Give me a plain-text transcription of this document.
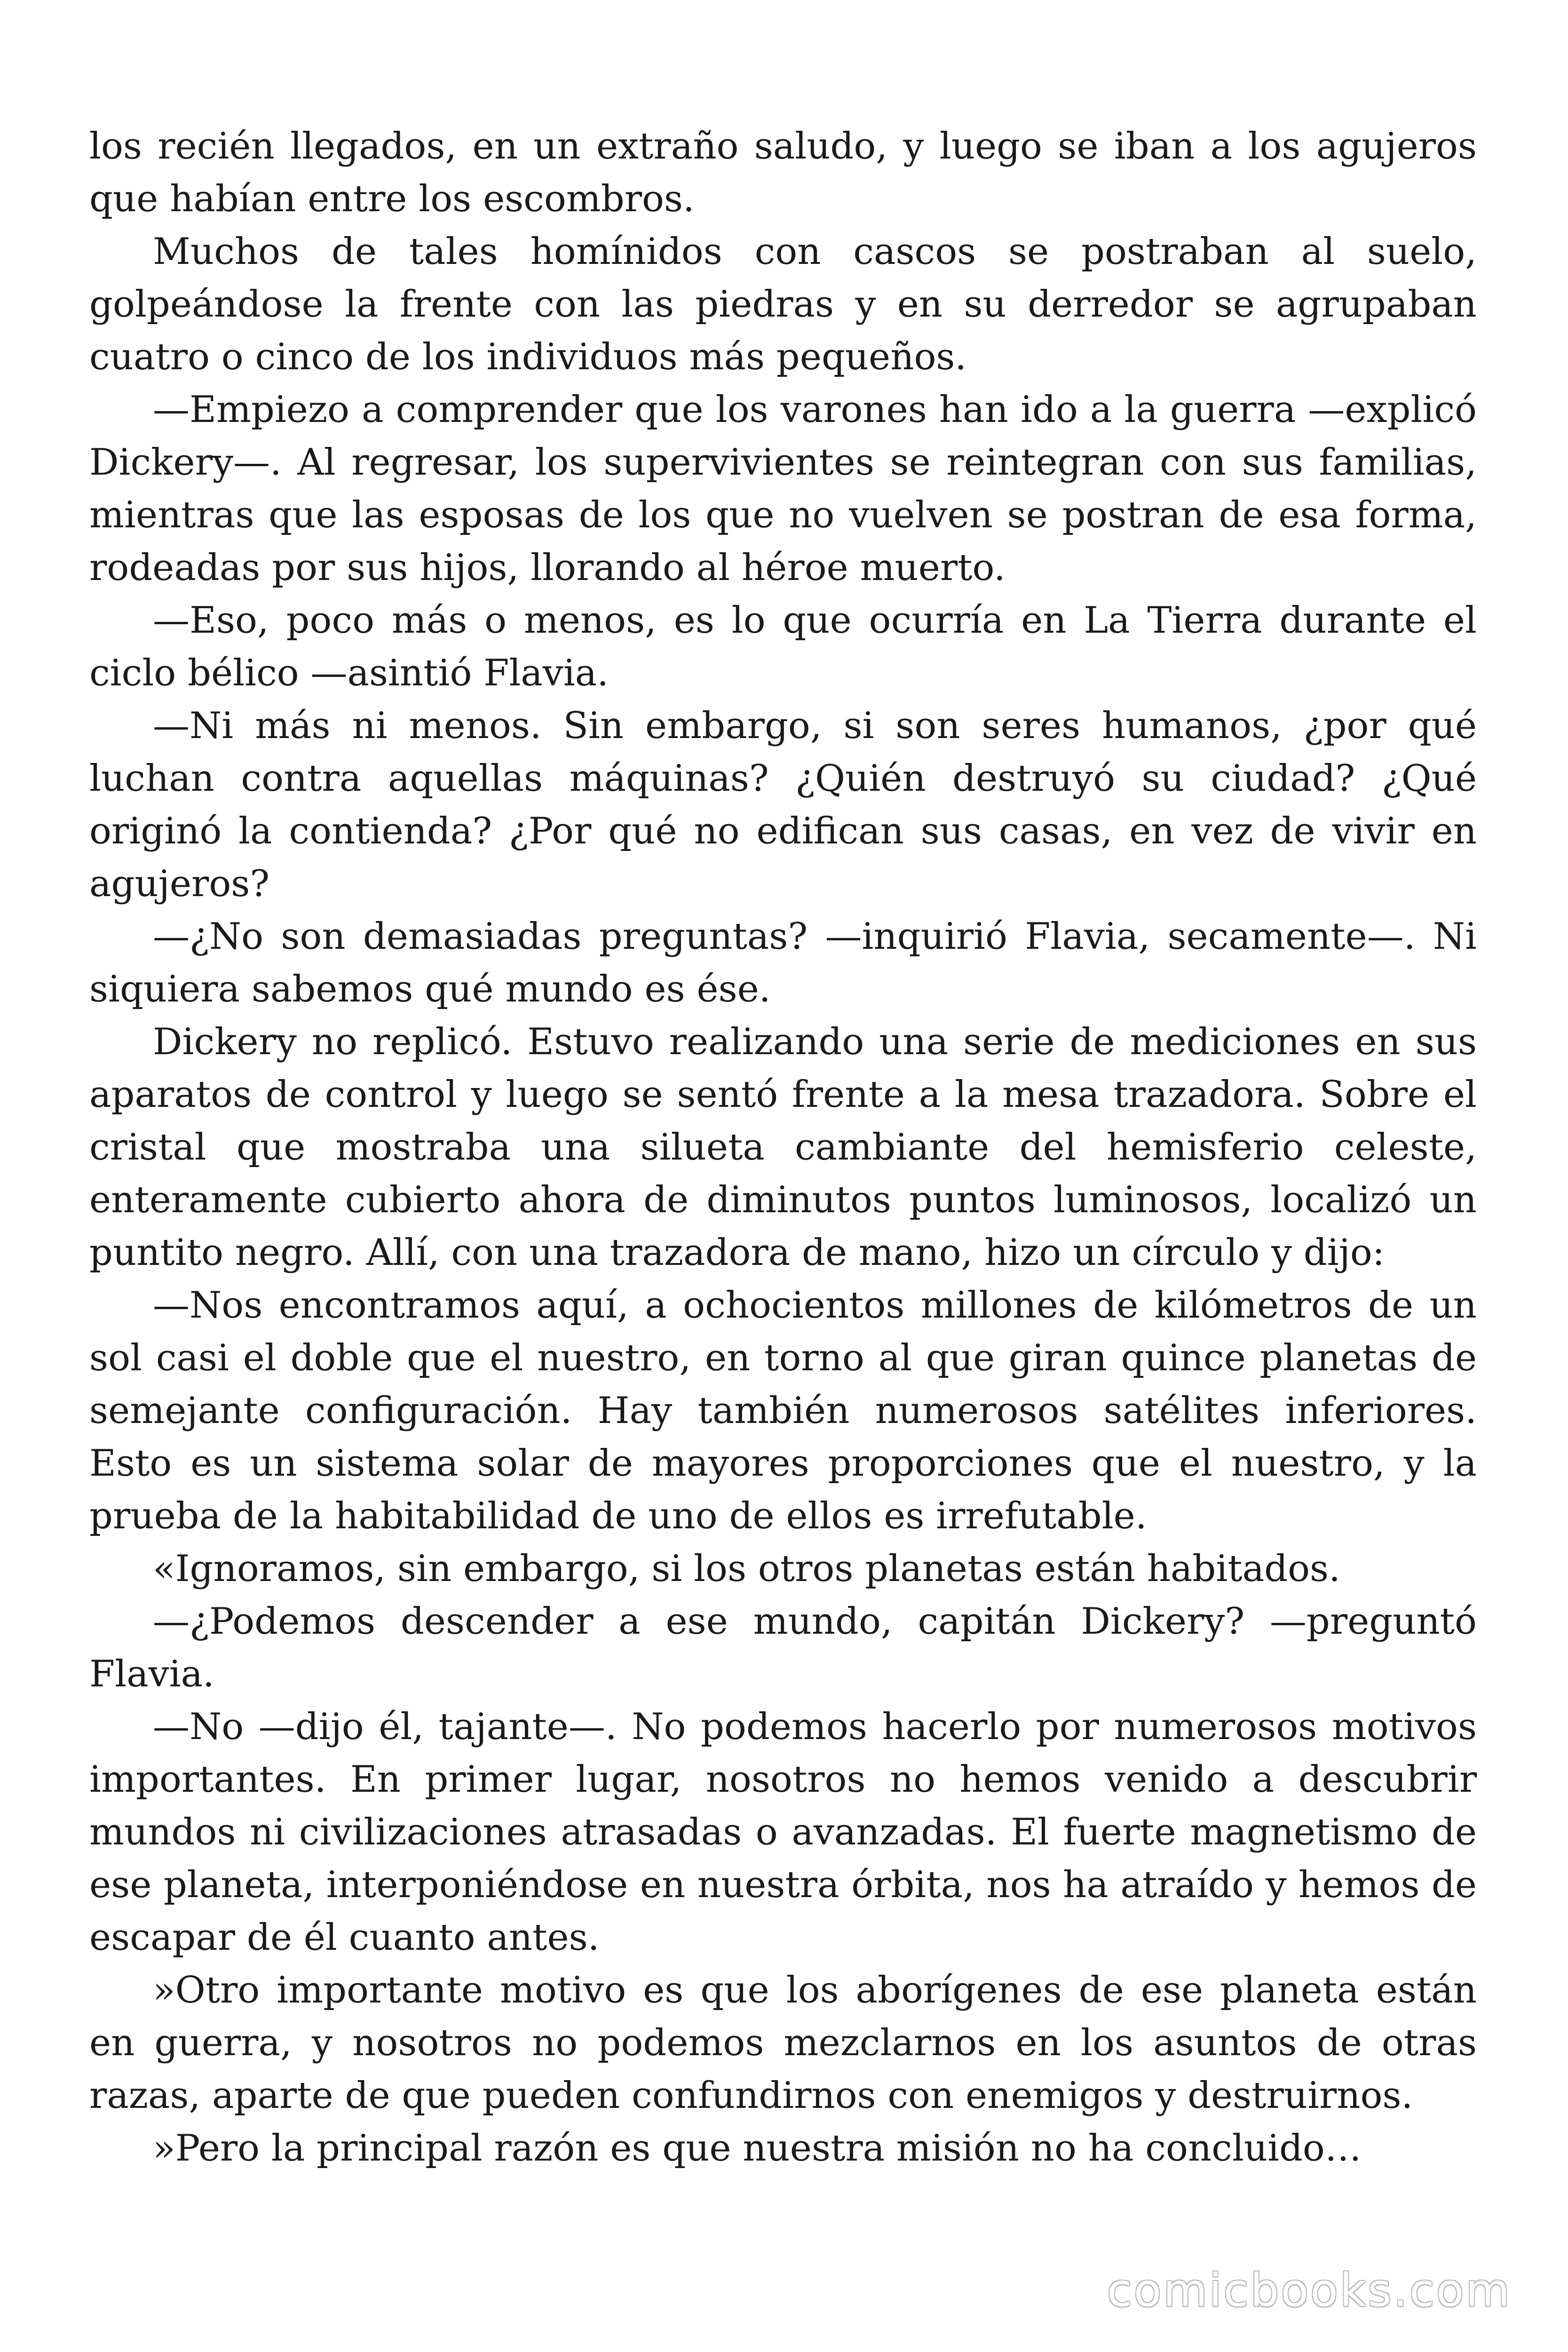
los recién llegados, en un extraño saludo, y luego se iban a los agujeros que habían entre los escombros.

Muchos de tales homínidos con cascos se postraban al suelo, golpeándose la frente con las piedras y en su derredor se agrupaban cuatro o cinco de los individuos más pequeños.

—Empiezo a comprender que los varones han ido a la guerra —explicó Dickery—. Al regresar, los supervivientes se reintegran con sus familias, mientras que las esposas de los que no vuelven se postran de esa forma, rodeadas por sus hijos, llorando al héroe muerto.

—Eso, poco más o menos, es lo que ocurría en La Tierra durante el ciclo bélico —asintió Flavia.

—Ni más ni menos. Sin embargo, si son seres humanos, ¿por qué luchan contra aquellas máquinas? ¿Quién destruyó su ciudad? ¿Qué originó la contienda? ¿Por qué no edifican sus casas, en vez de vivir en agujeros?

—¿No son demasiadas preguntas? —inquirió Flavia, secamente—. Ni siquiera sabemos qué mundo es ése.

Dickery no replicó. Estuvo realizando una serie de mediciones en sus aparatos de control y luego se sentó frente a la mesa trazadora. Sobre el cristal que mostraba una silueta cambiante del hemisferio celeste, enteramente cubierto ahora de diminutos puntos luminosos, localizó un puntito negro. Allí, con una trazadora de mano, hizo un círculo y dijo:

—Nos encontramos aquí, a ochocientos millones de kilómetros de un sol casi el doble que el nuestro, en torno al que giran quince planetas de semejante configuración. Hay también numerosos satélites inferiores. Esto es un sistema solar de mayores proporciones que el nuestro, y la prueba de la habitabilidad de uno de ellos es irrefutable.

«Ignoramos, sin embargo, si los otros planetas están habitados.

—¿Podemos descender a ese mundo, capitán Dickery? —preguntó Flavia.

—No —dijo él, tajante—. No podemos hacerlo por numerosos motivos importantes. En primer lugar, nosotros no hemos venido a descubrir mundos ni civilizaciones atrasadas o avanzadas. El fuerte magnetismo de ese planeta, interponiéndose en nuestra órbita, nos ha atraído y hemos de escapar de él cuanto antes.

»Otro importante motivo es que los aborígenes de ese planeta están en guerra, y nosotros no podemos mezclarnos en los asuntos de otras razas, aparte de que pueden confundirnos con enemigos y destruirnos.

»Pero la principal razón es que nuestra misión no ha concluido…

comicbooks.com
